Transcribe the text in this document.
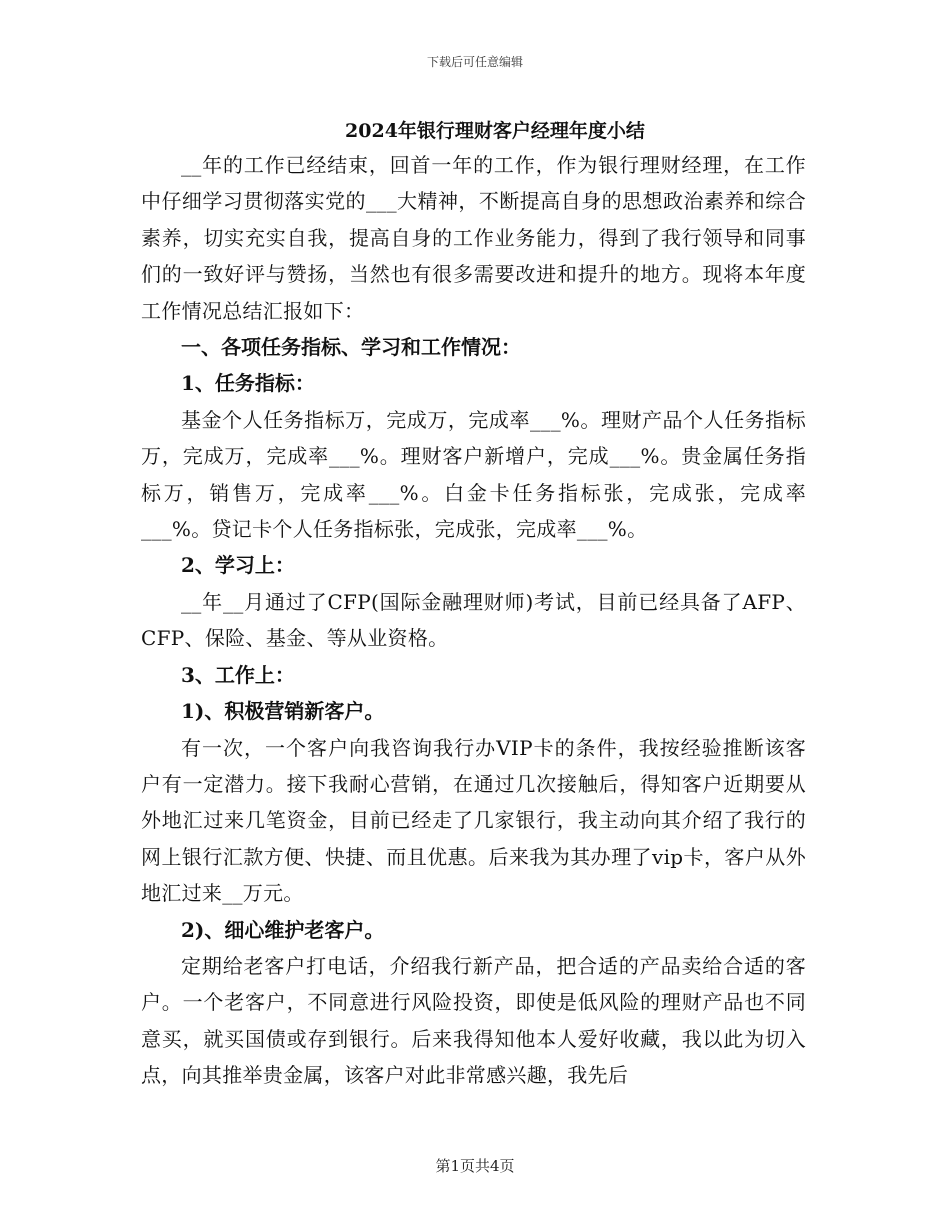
下载后可任意编辑
2024年银行理财客户经理年度小结

__年的工作已经结束，回首一年的工作，作为银行理财经理，在工作中仔细学习贯彻落实党的___大精神，不断提高自身的思想政治素养和综合素养，切实充实自我，提高自身的工作业务能力，得到了我行领导和同事们的一致好评与赞扬，当然也有很多需要改进和提升的地方。现将本年度工作情况总结汇报如下：

一、各项任务指标、学习和工作情况：

1、任务指标：

基金个人任务指标万，完成万，完成率___%。理财产品个人任务指标万，完成万，完成率___%。理财客户新增户，完成___%。贵金属任务指标万，销售万，完成率___%。白金卡任务指标张，完成张，完成率___%。贷记卡个人任务指标张，完成张，完成率___%。

2、学习上：

__年__月通过了CFP(国际金融理财师)考试，目前已经具备了AFP、CFP、保险、基金、等从业资格。

3、工作上：

1)、积极营销新客户。

有一次，一个客户向我咨询我行办VIP卡的条件，我按经验推断该客户有一定潜力。接下我耐心营销，在通过几次接触后，得知客户近期要从外地汇过来几笔资金，目前已经走了几家银行，我主动向其介绍了我行的网上银行汇款方便、快捷、而且优惠。后来我为其办理了vip卡，客户从外地汇过来__万元。

2)、细心维护老客户。

定期给老客户打电话，介绍我行新产品，把合适的产品卖给合适的客户。一个老客户，不同意进行风险投资，即使是低风险的理财产品也不同意买，就买国债或存到银行。后来我得知他本人爱好收藏，我以此为切入点，向其推举贵金属，该客户对此非常感兴趣，我先后

第1页共4页
